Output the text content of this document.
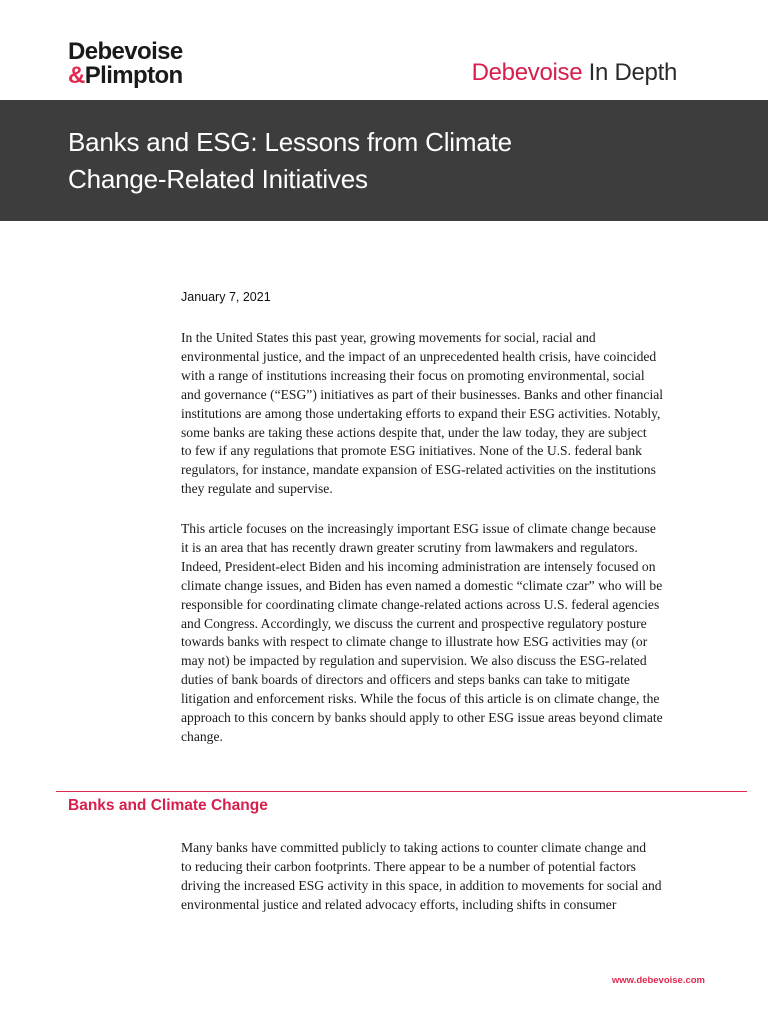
Debevoise
&Plimpton	Debevoise In Depth
Banks and ESG: Lessons from Climate
Change-Related Initiatives
January 7, 2021
In the United States this past year, growing movements for social, racial and
environmental justice, and the impact of an unprecedented health crisis, have coincided
with a range of institutions increasing their focus on promoting environmental, social
and governance (“ESG”) initiatives as part of their businesses. Banks and other financial
institutions are among those undertaking efforts to expand their ESG activities. Notably,
some banks are taking these actions despite that, under the law today, they are subject
to few if any regulations that promote ESG initiatives. None of the U.S. federal bank
regulators, for instance, mandate expansion of ESG-related activities on the institutions
they regulate and supervise.
This article focuses on the increasingly important ESG issue of climate change because
it is an area that has recently drawn greater scrutiny from lawmakers and regulators.
Indeed, President-elect Biden and his incoming administration are intensely focused on
climate change issues, and Biden has even named a domestic “climate czar” who will be
responsible for coordinating climate change-related actions across U.S. federal agencies
and Congress. Accordingly, we discuss the current and prospective regulatory posture
towards banks with respect to climate change to illustrate how ESG activities may (or
may not) be impacted by regulation and supervision. We also discuss the ESG-related
duties of bank boards of directors and officers and steps banks can take to mitigate
litigation and enforcement risks. While the focus of this article is on climate change, the
approach to this concern by banks should apply to other ESG issue areas beyond climate
change.
Banks and Climate Change
Many banks have committed publicly to taking actions to counter climate change and
to reducing their carbon footprints. There appear to be a number of potential factors
driving the increased ESG activity in this space, in addition to movements for social and
environmental justice and related advocacy efforts, including shifts in consumer
www.debevoise.com
